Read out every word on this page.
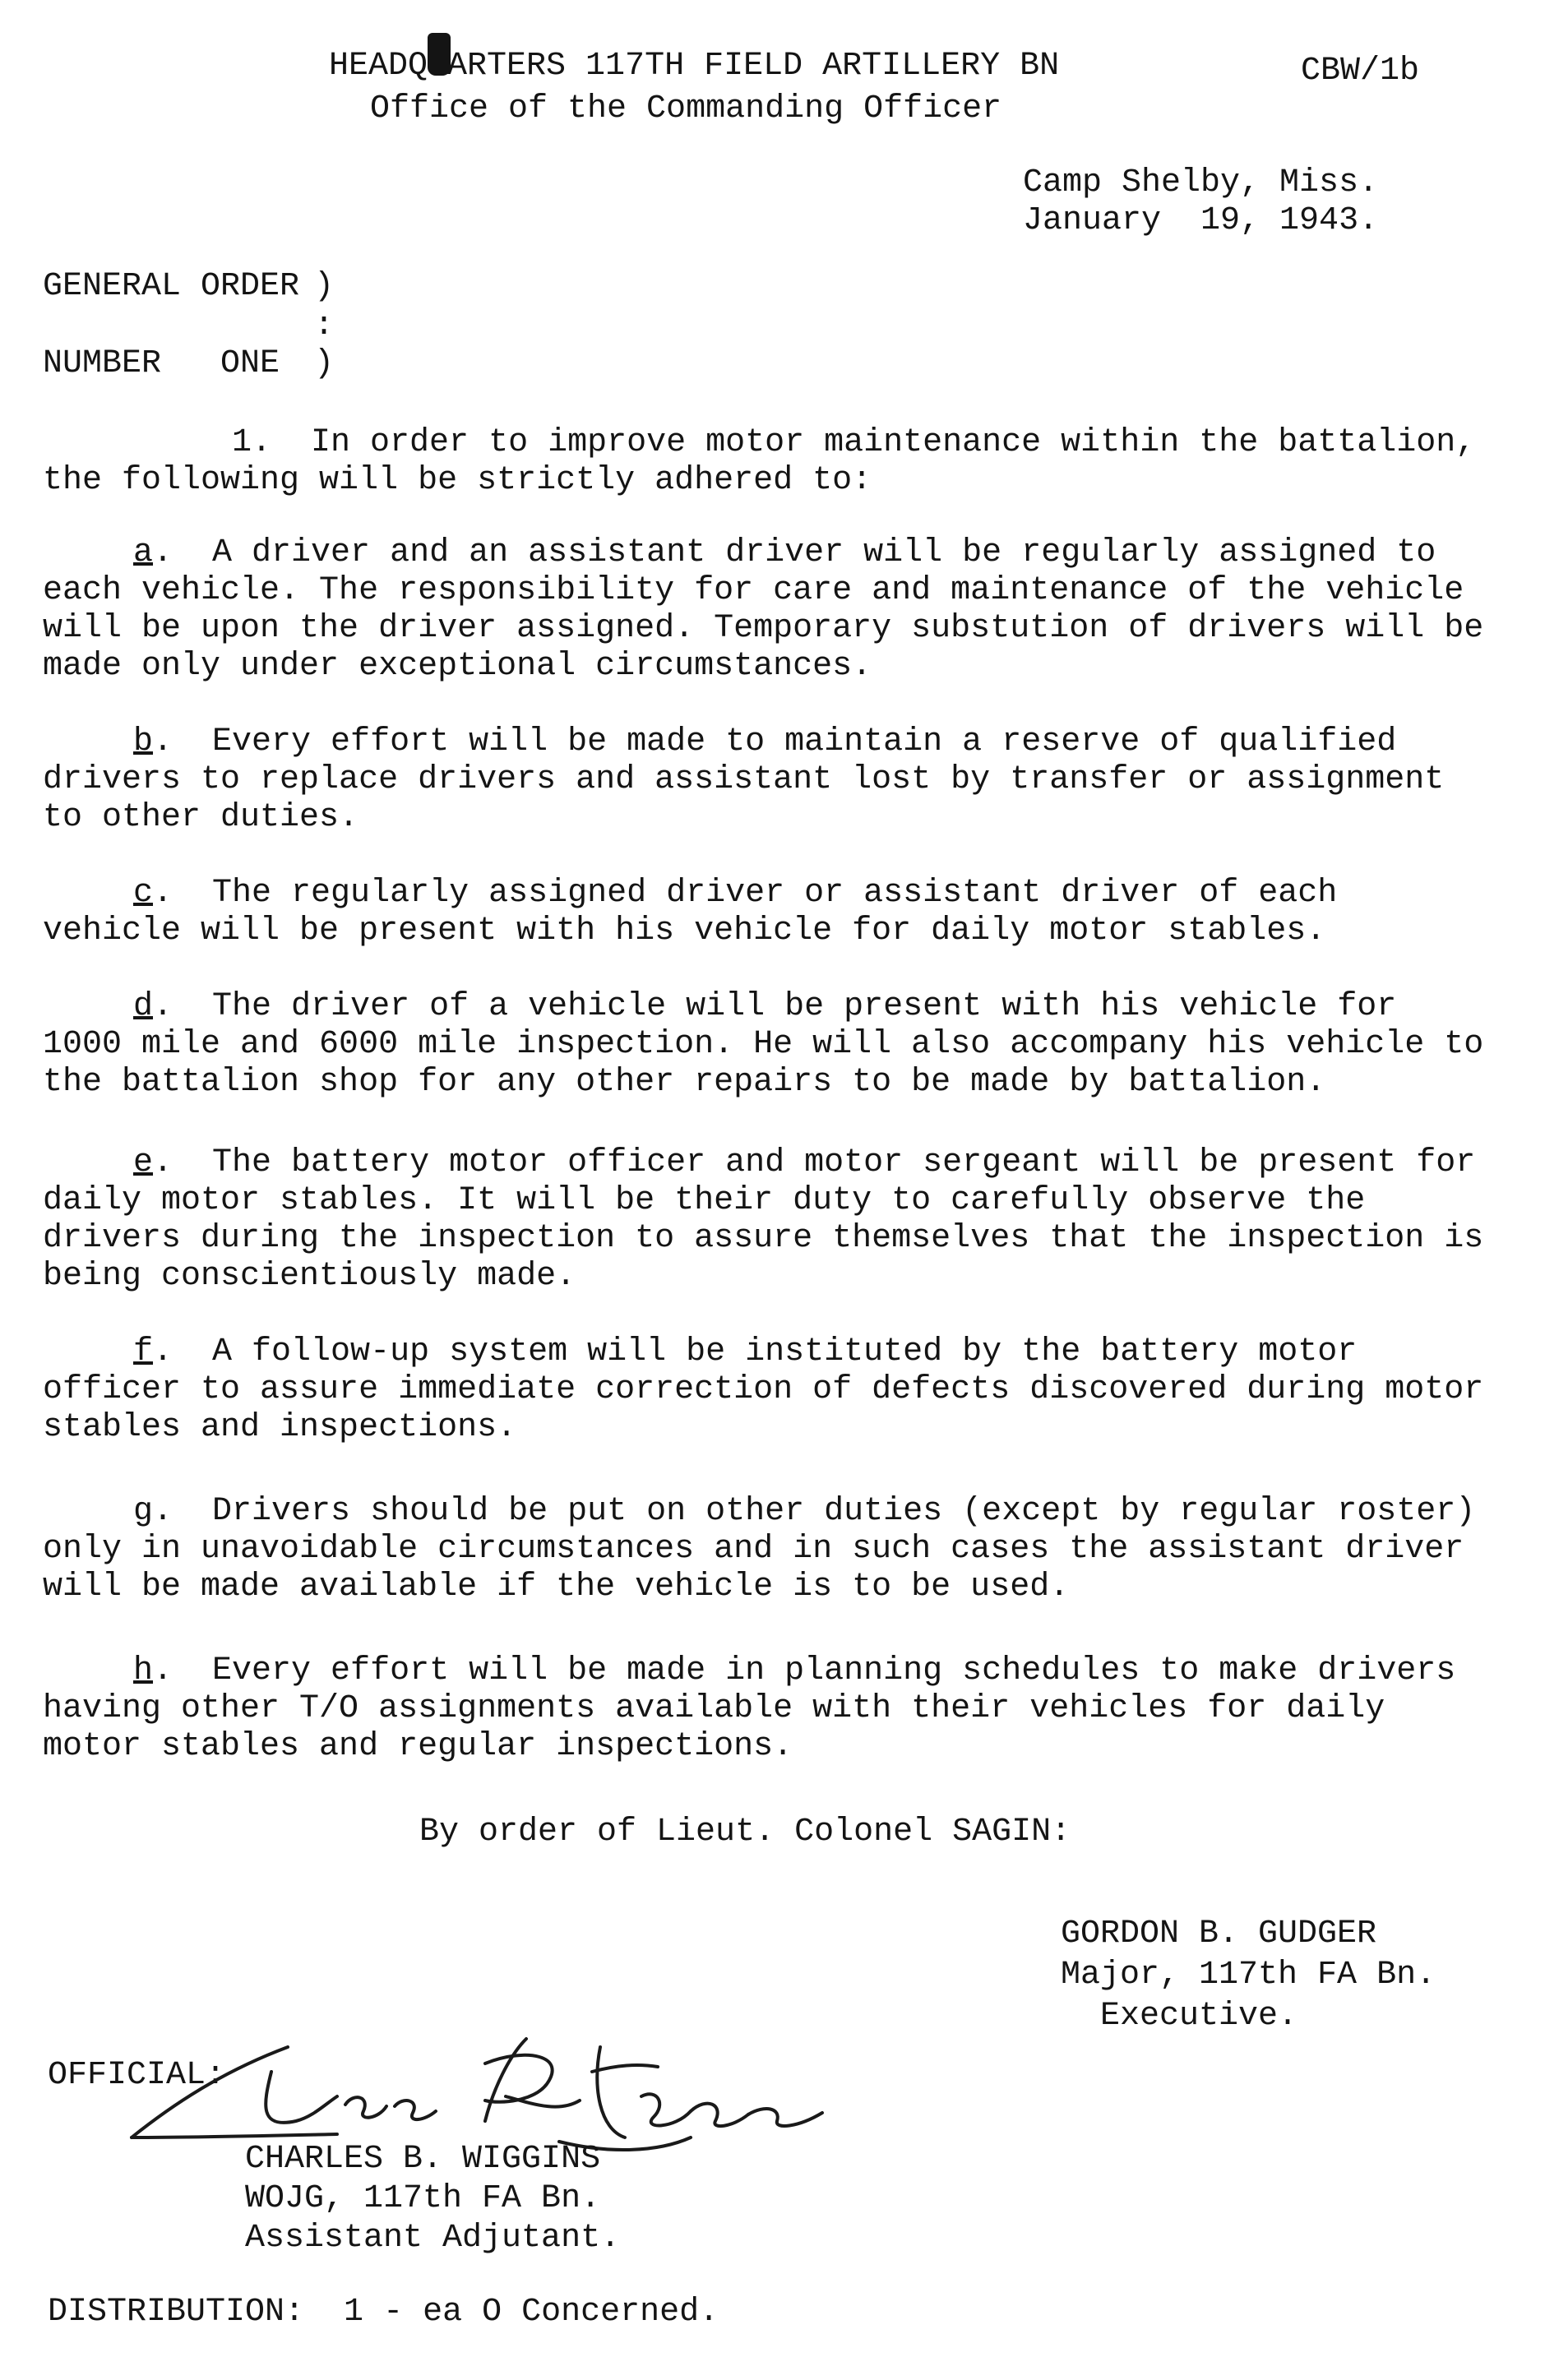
HEADQUARTERS 117TH FIELD ARTILLERY BN
Office of the Commanding Officer
CBW/1b
Camp Shelby, Miss.
January  19, 1943.
GENERAL ORDER
NUMBER   ONE
)
:
)
1. In order to improve motor maintenance within the battalion, the following will be strictly adhered to:
a.  A driver and an assistant driver will be regularly assigned to each vehicle. The responsibility for care and maintenance of the vehicle will be upon the driver assigned. Temporary substution of drivers will be made only under exceptional circumstances.
b.  Every effort will be made to maintain a reserve of qualified drivers to replace drivers and assistant lost by transfer or assignment to other duties.
c.  The regularly assigned driver or assistant driver of each vehicle will be present with his vehicle for daily motor stables.
d.  The driver of a vehicle will be present with his vehicle for 1000 mile and 6000 mile inspection. He will also accompany his vehicle to the battalion shop for any other repairs to be made by battalion.
e.  The battery motor officer and motor sergeant will be present for daily motor stables. It will be their duty to carefully observe the drivers during the inspection to assure themselves that the inspection is being conscientiously made.
f.  A follow-up system will be instituted by the battery motor officer to assure immediate correction of defects discovered during motor stables and inspections.
g.  Drivers should be put on other duties (except by regular roster) only in unavoidable circumstances and in such cases the assistant driver will be made available if the vehicle is to be used.
h.  Every effort will be made in planning schedules to make drivers having other T/O assignments available with their vehicles for daily motor stables and regular inspections.
By order of Lieut. Colonel SAGIN:
GORDON B. GUDGER
Major, 117th FA Bn.
Executive.
OFFICIAL:
CHARLES B. WIGGINS
WOJG, 117th FA Bn.
Assistant Adjutant.
DISTRIBUTION:  1 - ea O Concerned.
